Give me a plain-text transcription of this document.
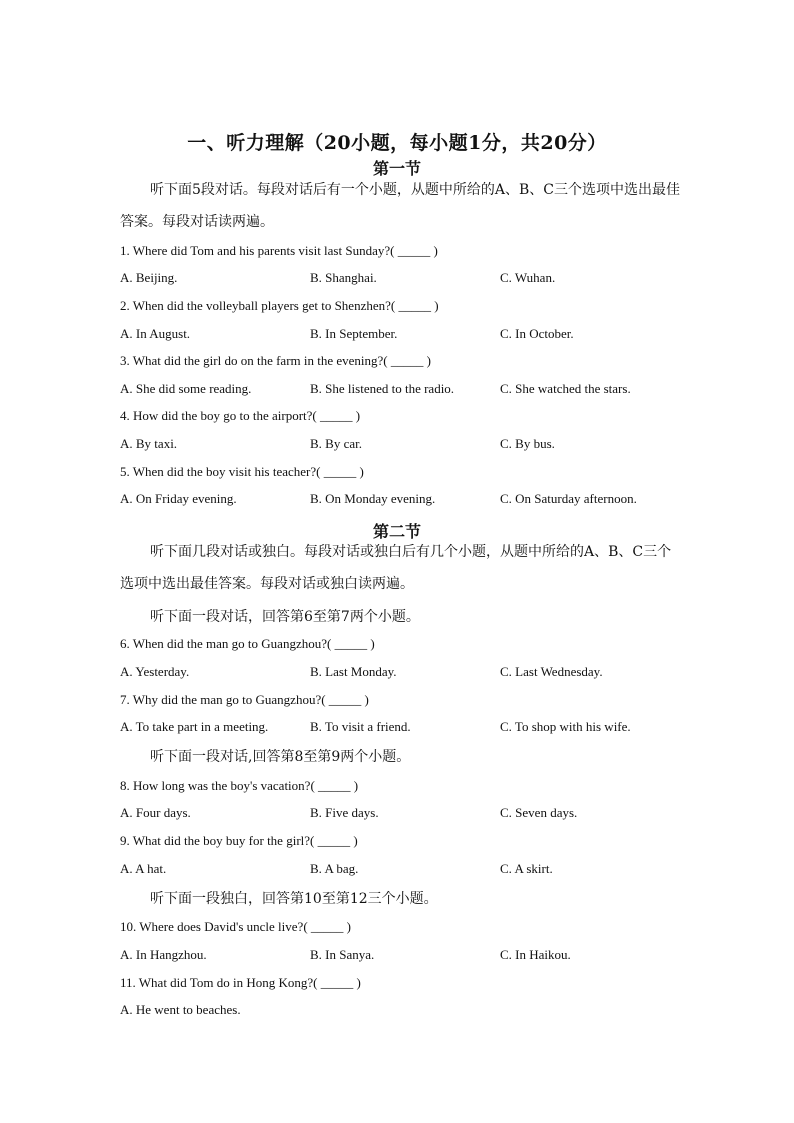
一、听力理解（20小题，每小题1分，共20分）
第一节
听下面5段对话。每段对话后有一个小题，从题中所给的A、B、C三个选项中选出最佳答案。每段对话读两遍。
1. Where did Tom and his parents visit last Sunday?( _____ )
A. Beijing.	B. Shanghai.	C. Wuhan.
2. When did the volleyball players get to Shenzhen?( _____ )
A. In August.	B. In September.	C. In October.
3. What did the girl do on the farm in the evening?( _____ )
A. She did some reading.	B. She listened to the radio.	C. She watched the stars.
4. How did the boy go to the airport?( _____ )
A. By taxi.	B. By car.	C. By bus.
5. When did the boy visit his teacher?( _____ )
A. On Friday evening.	B. On Monday evening.	C. On Saturday afternoon.
第二节
听下面几段对话或独白。每段对话或独白后有几个小题，从题中所给的A、B、C三个选项中选出最佳答案。每段对话或独白读两遍。
听下面一段对话，回答第6至第7两个小题。
6. When did the man go to Guangzhou?( _____ )
A. Yesterday.	B. Last Monday.	C. Last Wednesday.
7. Why did the man go to Guangzhou?( _____ )
A. To take part in a meeting.	B. To visit a friend.	C. To shop with his wife.
听下面一段对话,回答第8至第9两个小题。
8. How long was the boy's vacation?( _____ )
A. Four days.	B. Five days.	C. Seven days.
9. What did the boy buy for the girl?( _____ )
A. A hat.	B. A bag.	C. A skirt.
听下面一段独白，回答第10至第12三个小题。
10. Where does David's uncle live?( _____ )
A. In Hangzhou.	B. In Sanya.	C. In Haikou.
11. What did Tom do in Hong Kong?( _____ )
A. He went to beaches.
